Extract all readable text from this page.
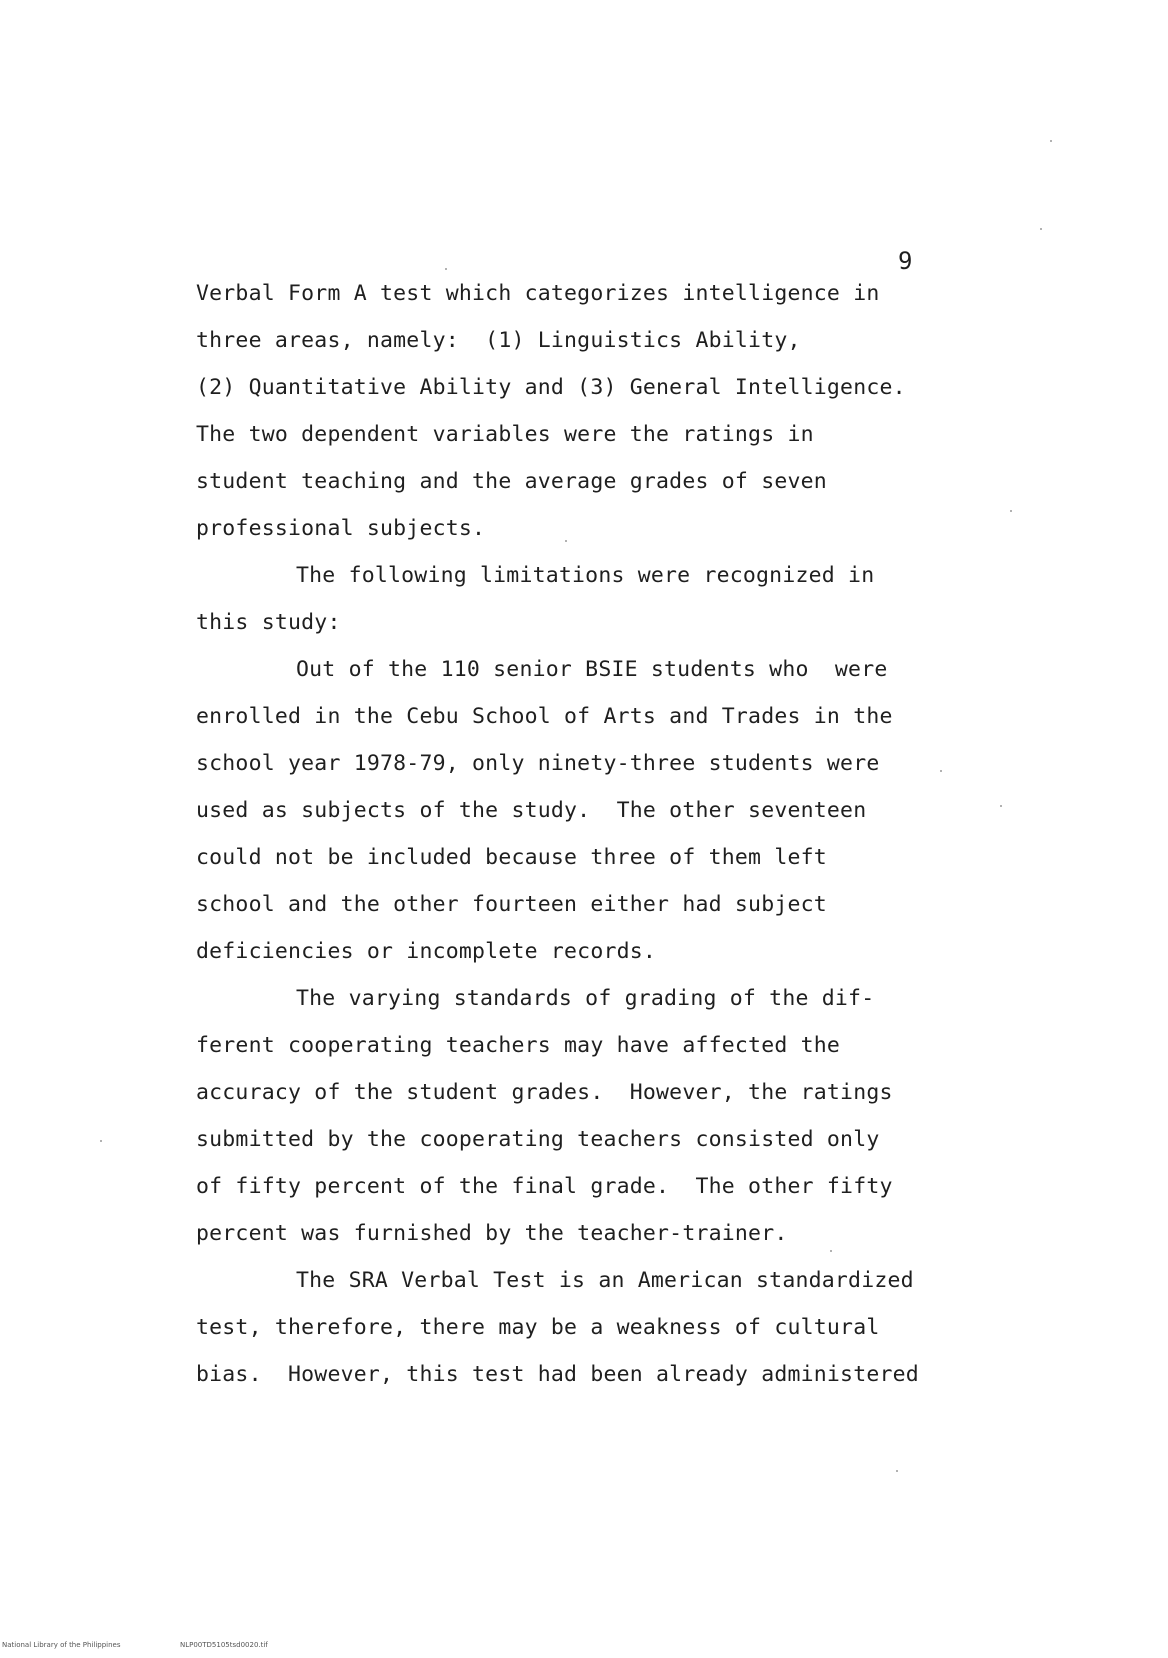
9
Verbal Form A test which categorizes intelligence in
three areas, namely:  (1) Linguistics Ability,
(2) Quantitative Ability and (3) General Intelligence.
The two dependent variables were the ratings in
student teaching and the average grades of seven
professional subjects.
The following limitations were recognized in
this study:
Out of the 110 senior BSIE students who  were
enrolled in the Cebu School of Arts and Trades in the
school year 1978-79, only ninety-three students were
used as subjects of the study.  The other seventeen
could not be included because three of them left
school and the other fourteen either had subject
deficiencies or incomplete records.
The varying standards of grading of the dif-
ferent cooperating teachers may have affected the
accuracy of the student grades.  However, the ratings
submitted by the cooperating teachers consisted only
of fifty percent of the final grade.  The other fifty
percent was furnished by the teacher-trainer.
The SRA Verbal Test is an American standardized
test, therefore, there may be a weakness of cultural
bias.  However, this test had been already administered
National Library of the Philippines	NLP00TD5105tsd0020.tif
